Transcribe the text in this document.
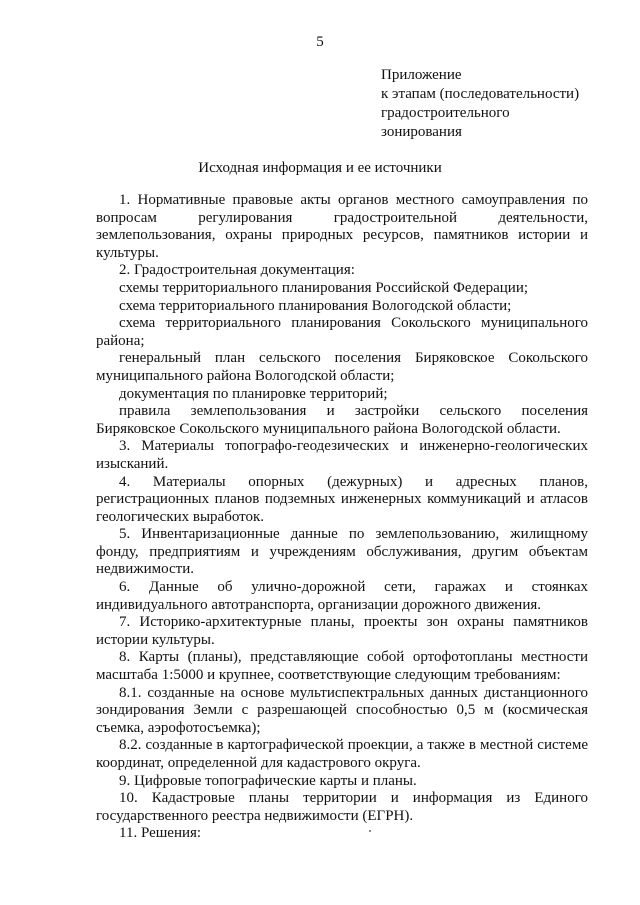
5
Приложение
к этапам (последовательности)
градостроительного
зонирования
Исходная информация и ее источники

1. Нормативные правовые акты органов местного самоуправления по вопросам регулирования градостроительной деятельности, землепользования, охраны природных ресурсов, памятников истории и культуры.

2. Градостроительная документация:

схемы территориального планирования Российской Федерации;

схема территориального планирования Вологодской области;

схема территориального планирования Сокольского муниципального района;

генеральный план сельского поселения Биряковское Сокольского муниципального района Вологодской области;

документация по планировке территорий;

правила землепользования и застройки сельского поселения Биряковское Сокольского муниципального района Вологодской области.

3. Материалы топографо-геодезических и инженерно-геологических изысканий.

4. Материалы опорных (дежурных) и адресных планов, регистрационных планов подземных инженерных коммуникаций и атласов геологических выработок.

5. Инвентаризационные данные по землепользованию, жилищному фонду, предприятиям и учреждениям обслуживания, другим объектам недвижимости.

6. Данные об улично-дорожной сети, гаражах и стоянках индивидуального автотранспорта, организации дорожного движения.

7. Историко-архитектурные планы, проекты зон охраны памятников истории культуры.

8. Карты (планы), представляющие собой ортофотопланы местности масштаба 1:5000 и крупнее, соответствующие следующим требованиям:

8.1. созданные на основе мультиспектральных данных дистанционного зондирования Земли с разрешающей способностью 0,5 м (космическая съемка, аэрофотосъемка);

8.2. созданные в картографической проекции, а также в местной системе координат, определенной для кадастрового округа.

9. Цифровые топографические карты и планы.

10. Кадастровые планы территории и информация из Единого государственного реестра недвижимости (ЕГРН).

11. Решения:
